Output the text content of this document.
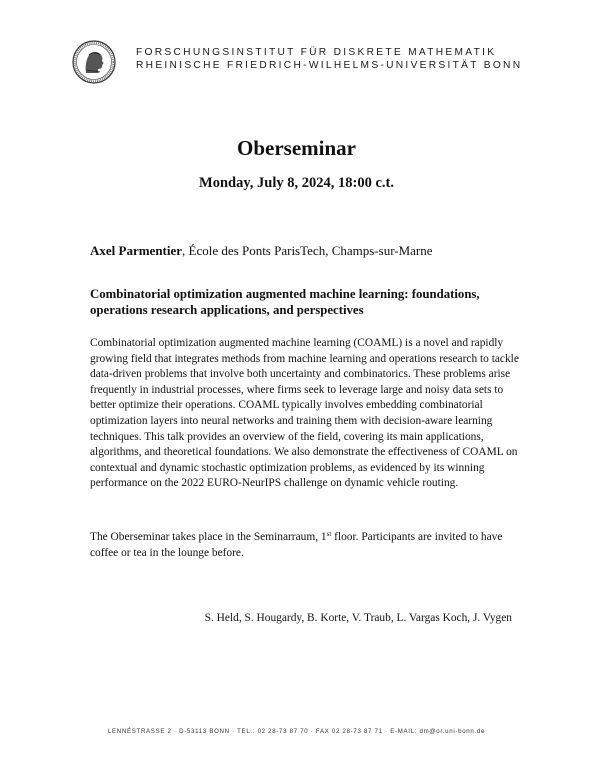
FORSCHUNGSINSTITUT FÜR DISKRETE MATHEMATIK
RHEINISCHE FRIEDRICH-WILHELMS-UNIVERSITÄT BONN
Oberseminar
Monday, July 8, 2024, 18:00 c.t.
Axel Parmentier, École des Ponts ParisTech, Champs-sur-Marne
Combinatorial optimization augmented machine learning: foundations,
operations research applications, and perspectives
Combinatorial optimization augmented machine learning (COAML) is a novel and rapidly
growing field that integrates methods from machine learning and operations research to tackle
data-driven problems that involve both uncertainty and combinatorics. These problems arise
frequently in industrial processes, where firms seek to leverage large and noisy data sets to
better optimize their operations. COAML typically involves embedding combinatorial
optimization layers into neural networks and training them with decision-aware learning
techniques. This talk provides an overview of the field, covering its main applications,
algorithms, and theoretical foundations. We also demonstrate the effectiveness of COAML on
contextual and dynamic stochastic optimization problems, as evidenced by its winning
performance on the 2022 EURO-NeurIPS challenge on dynamic vehicle routing.
The Oberseminar takes place in the Seminarraum, 1st floor. Participants are invited to have
coffee or tea in the lounge before.
S. Held, S. Hougardy, B. Korte, V. Traub, L. Vargas Koch, J. Vygen
LENNÉSTRASSE 2 · D-53113 BONN · TEL.: 02 28-73 87 70 · FAX 02 28-73 87 71 · E-MAIL: dm@or.uni-bonn.de
